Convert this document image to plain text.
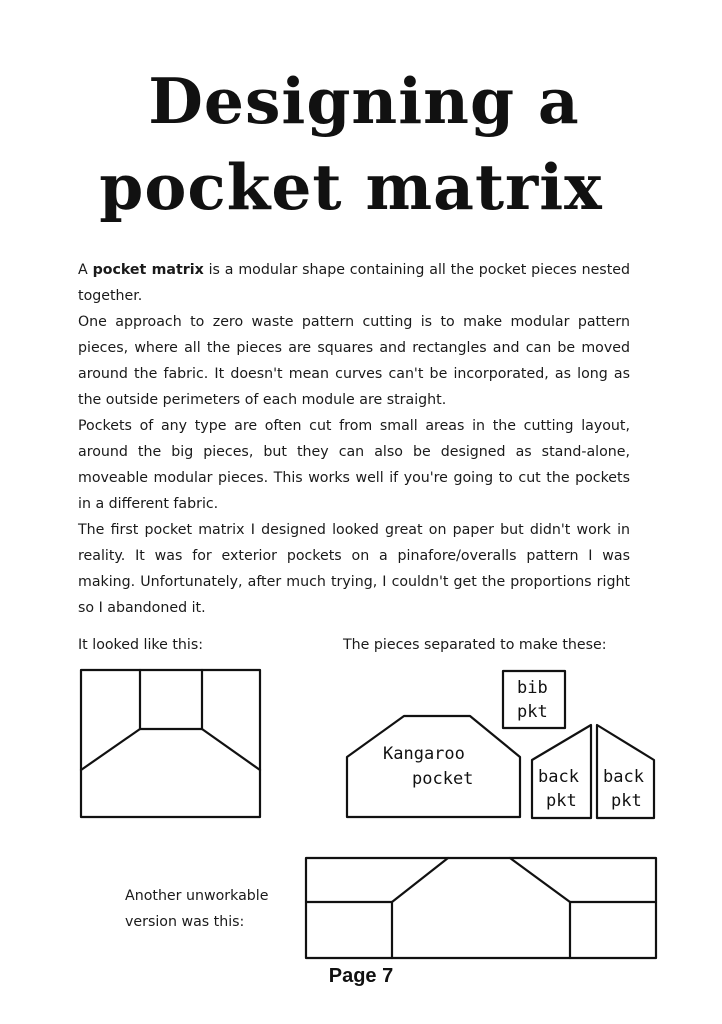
Designing a
pocket matrix

A pocket matrix is a modular shape containing all the pocket pieces nested together.

One approach to zero waste pattern cutting is to make modular pattern pieces, where all the pieces are squares and rectangles and can be moved around the fabric. It doesn't mean curves can't be incorporated, as long as the outside perimeters of each module are straight.

Pockets of any type are often cut from small areas in the cutting layout, around the big pieces, but they can also be designed as stand-alone, moveable modular pieces. This works well if you're going to cut the pockets in a different fabric.

The first pocket matrix I designed looked great on paper but didn't work in reality. It was for exterior pockets on a pinafore/overalls pattern I was making. Unfortunately, after much trying, I couldn't get the proportions right so I abandoned it.

It looked like this:	The pieces separated to make these:
Another unworkable version was this:
bib
pkt
Kangaroo
pocket	back
pkt
back
pkt
Page 7
